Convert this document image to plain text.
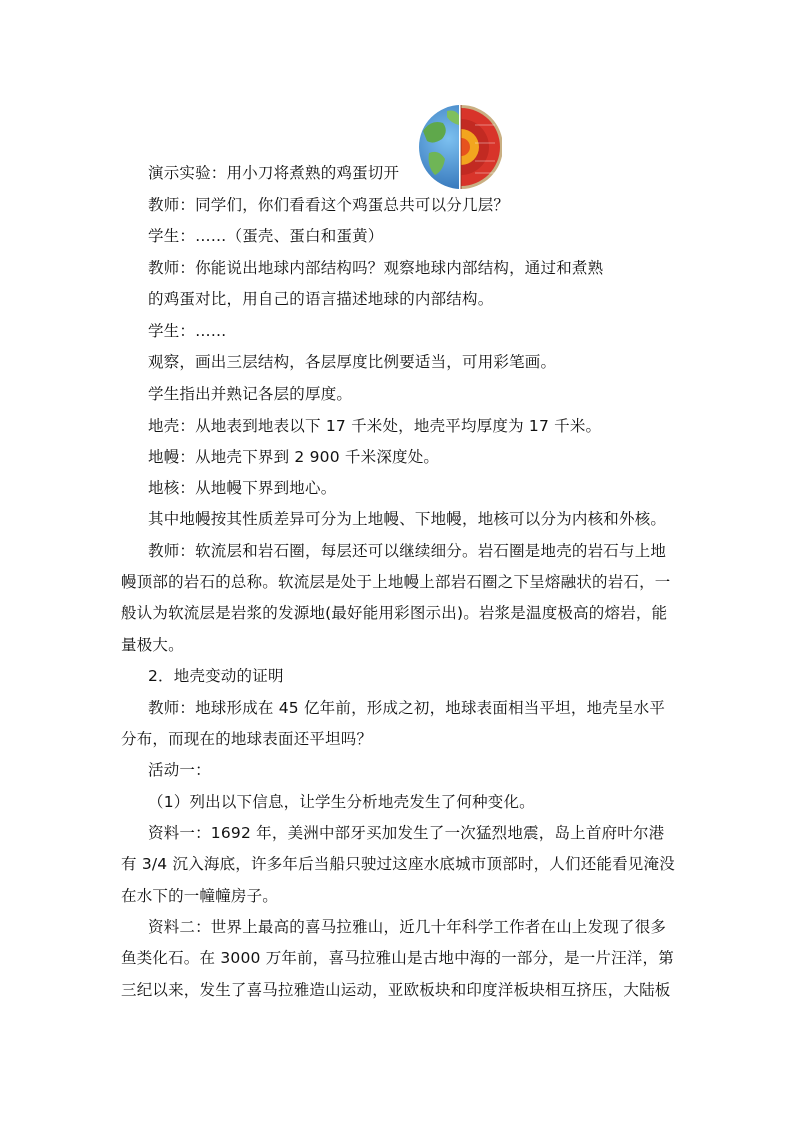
演示实验：用小刀将煮熟的鸡蛋切开
教师：同学们，你们看看这个鸡蛋总共可以分几层？
学生：……（蛋壳、蛋白和蛋黄）
教师：你能说出地球内部结构吗？观察地球内部结构，通过和煮熟
的鸡蛋对比，用自己的语言描述地球的内部结构。
学生：……
观察，画出三层结构，各层厚度比例要适当，可用彩笔画。
学生指出并熟记各层的厚度。
地壳：从地表到地表以下 17 千米处，地壳平均厚度为 17 千米。
地幔：从地壳下界到 2 900 千米深度处。
地核：从地幔下界到地心。
其中地幔按其性质差异可分为上地幔、下地幔，地核可以分为内核和外核。
教师：软流层和岩石圈，每层还可以继续细分。岩石圈是地壳的岩石与上地
幔顶部的岩石的总称。软流层是处于上地幔上部岩石圈之下呈熔融状的岩石，一
般认为软流层是岩浆的发源地(最好能用彩图示出)。岩浆是温度极高的熔岩，能
量极大。
2．地壳变动的证明
教师：地球形成在 45 亿年前，形成之初，地球表面相当平坦，地壳呈水平
分布，而现在的地球表面还平坦吗？
活动一：
（1）列出以下信息，让学生分析地壳发生了何种变化。
资料一：1692 年，美洲中部牙买加发生了一次猛烈地震，岛上首府叶尔港
有 3/4 沉入海底，许多年后当船只驶过这座水底城市顶部时，人们还能看见淹没
在水下的一幢幢房子。
资料二：世界上最高的喜马拉雅山，近几十年科学工作者在山上发现了很多
鱼类化石。在 3000 万年前，喜马拉雅山是古地中海的一部分，是一片汪洋，第
三纪以来，发生了喜马拉雅造山运动，亚欧板块和印度洋板块相互挤压，大陆板
